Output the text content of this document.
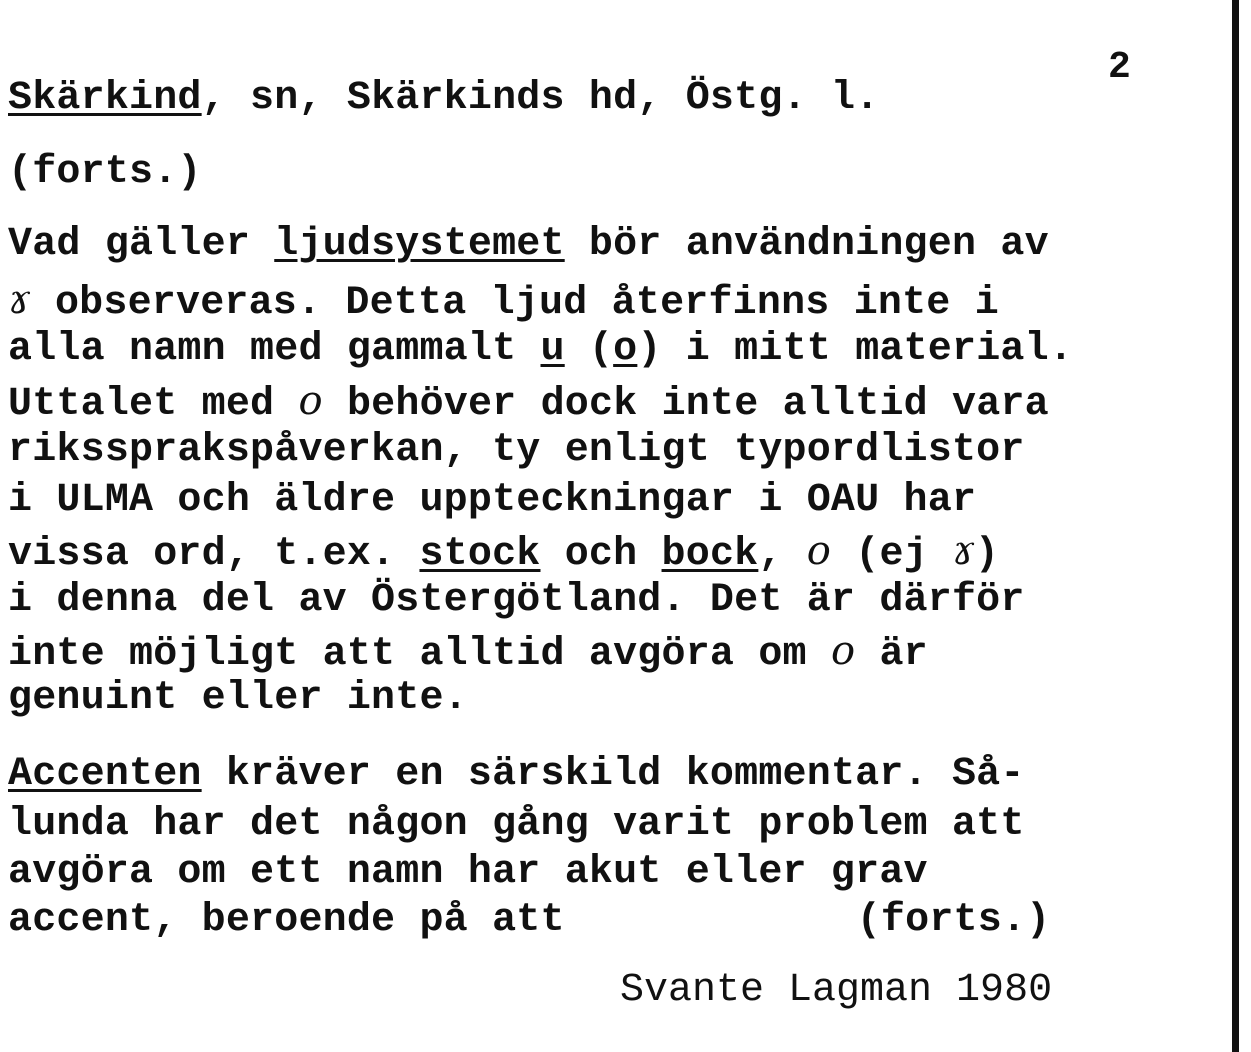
2

Skärkind, sn, Skärkinds hd, Östg. l.

(forts.)

Vad gäller ljudsystemet bör användningen av

ɤ observeras. Detta ljud återfinns inte i

alla namn med gammalt u (o) i mitt material.

Uttalet med o behöver dock inte alltid vara

rikssprakspåverkan, ty enligt typordlistor

i ULMA och äldre uppteckningar i OAU har

vissa ord, t.ex. stock och bock, o (ej ɤ)

i denna del av Östergötland. Det är därför

inte möjligt att alltid avgöra om o är

genuint eller inte.

Accenten kräver en särskild kommentar. Så-

lunda har det någon gång varit problem att

avgöra om ett namn har akut eller grav

accent, beroende på att	(forts.)

Svante Lagman 1980
